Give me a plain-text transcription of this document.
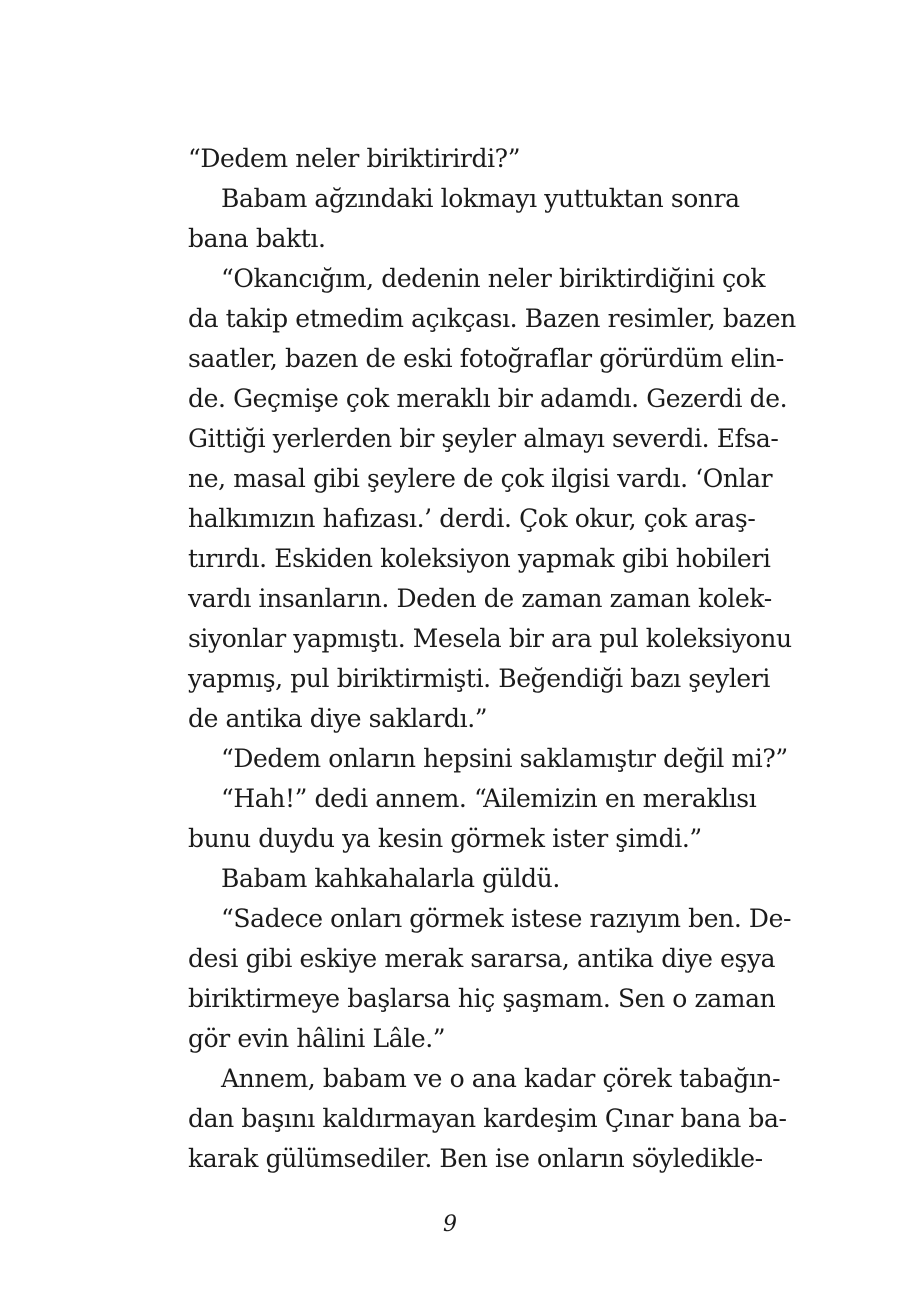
“Dedem neler biriktirirdi?”
Babam ağzındaki lokmayı yuttuktan sonra
bana baktı.
“Okancığım, dedenin neler biriktirdiğini çok
da takip etmedim açıkçası. Bazen resimler, bazen
saatler, bazen de eski fotoğraflar görürdüm elin-
de. Geçmişe çok meraklı bir adamdı. Gezerdi de.
Gittiği yerlerden bir şeyler almayı severdi. Efsa-
ne, masal gibi şeylere de çok ilgisi vardı. ‘Onlar
halkımızın hafızası.’ derdi. Çok okur, çok araş-
tırırdı. Eskiden koleksiyon yapmak gibi hobileri
vardı insanların. Deden de zaman zaman kolek-
siyonlar yapmıştı. Mesela bir ara pul koleksiyonu
yapmış, pul biriktirmişti. Beğendiği bazı şeyleri
de antika diye saklardı.”
“Dedem onların hepsini saklamıştır değil mi?”
“Hah!” dedi annem. “Ailemizin en meraklısı
bunu duydu ya kesin görmek ister şimdi.”
Babam kahkahalarla güldü.
“Sadece onları görmek istese razıyım ben. De-
desi gibi eskiye merak sararsa, antika diye eşya
biriktirmeye başlarsa hiç şaşmam. Sen o zaman
gör evin hâlini Lâle.”
Annem, babam ve o ana kadar çörek tabağın-
dan başını kaldırmayan kardeşim Çınar bana ba-
karak gülümsediler. Ben ise onların söyledikle-
9
